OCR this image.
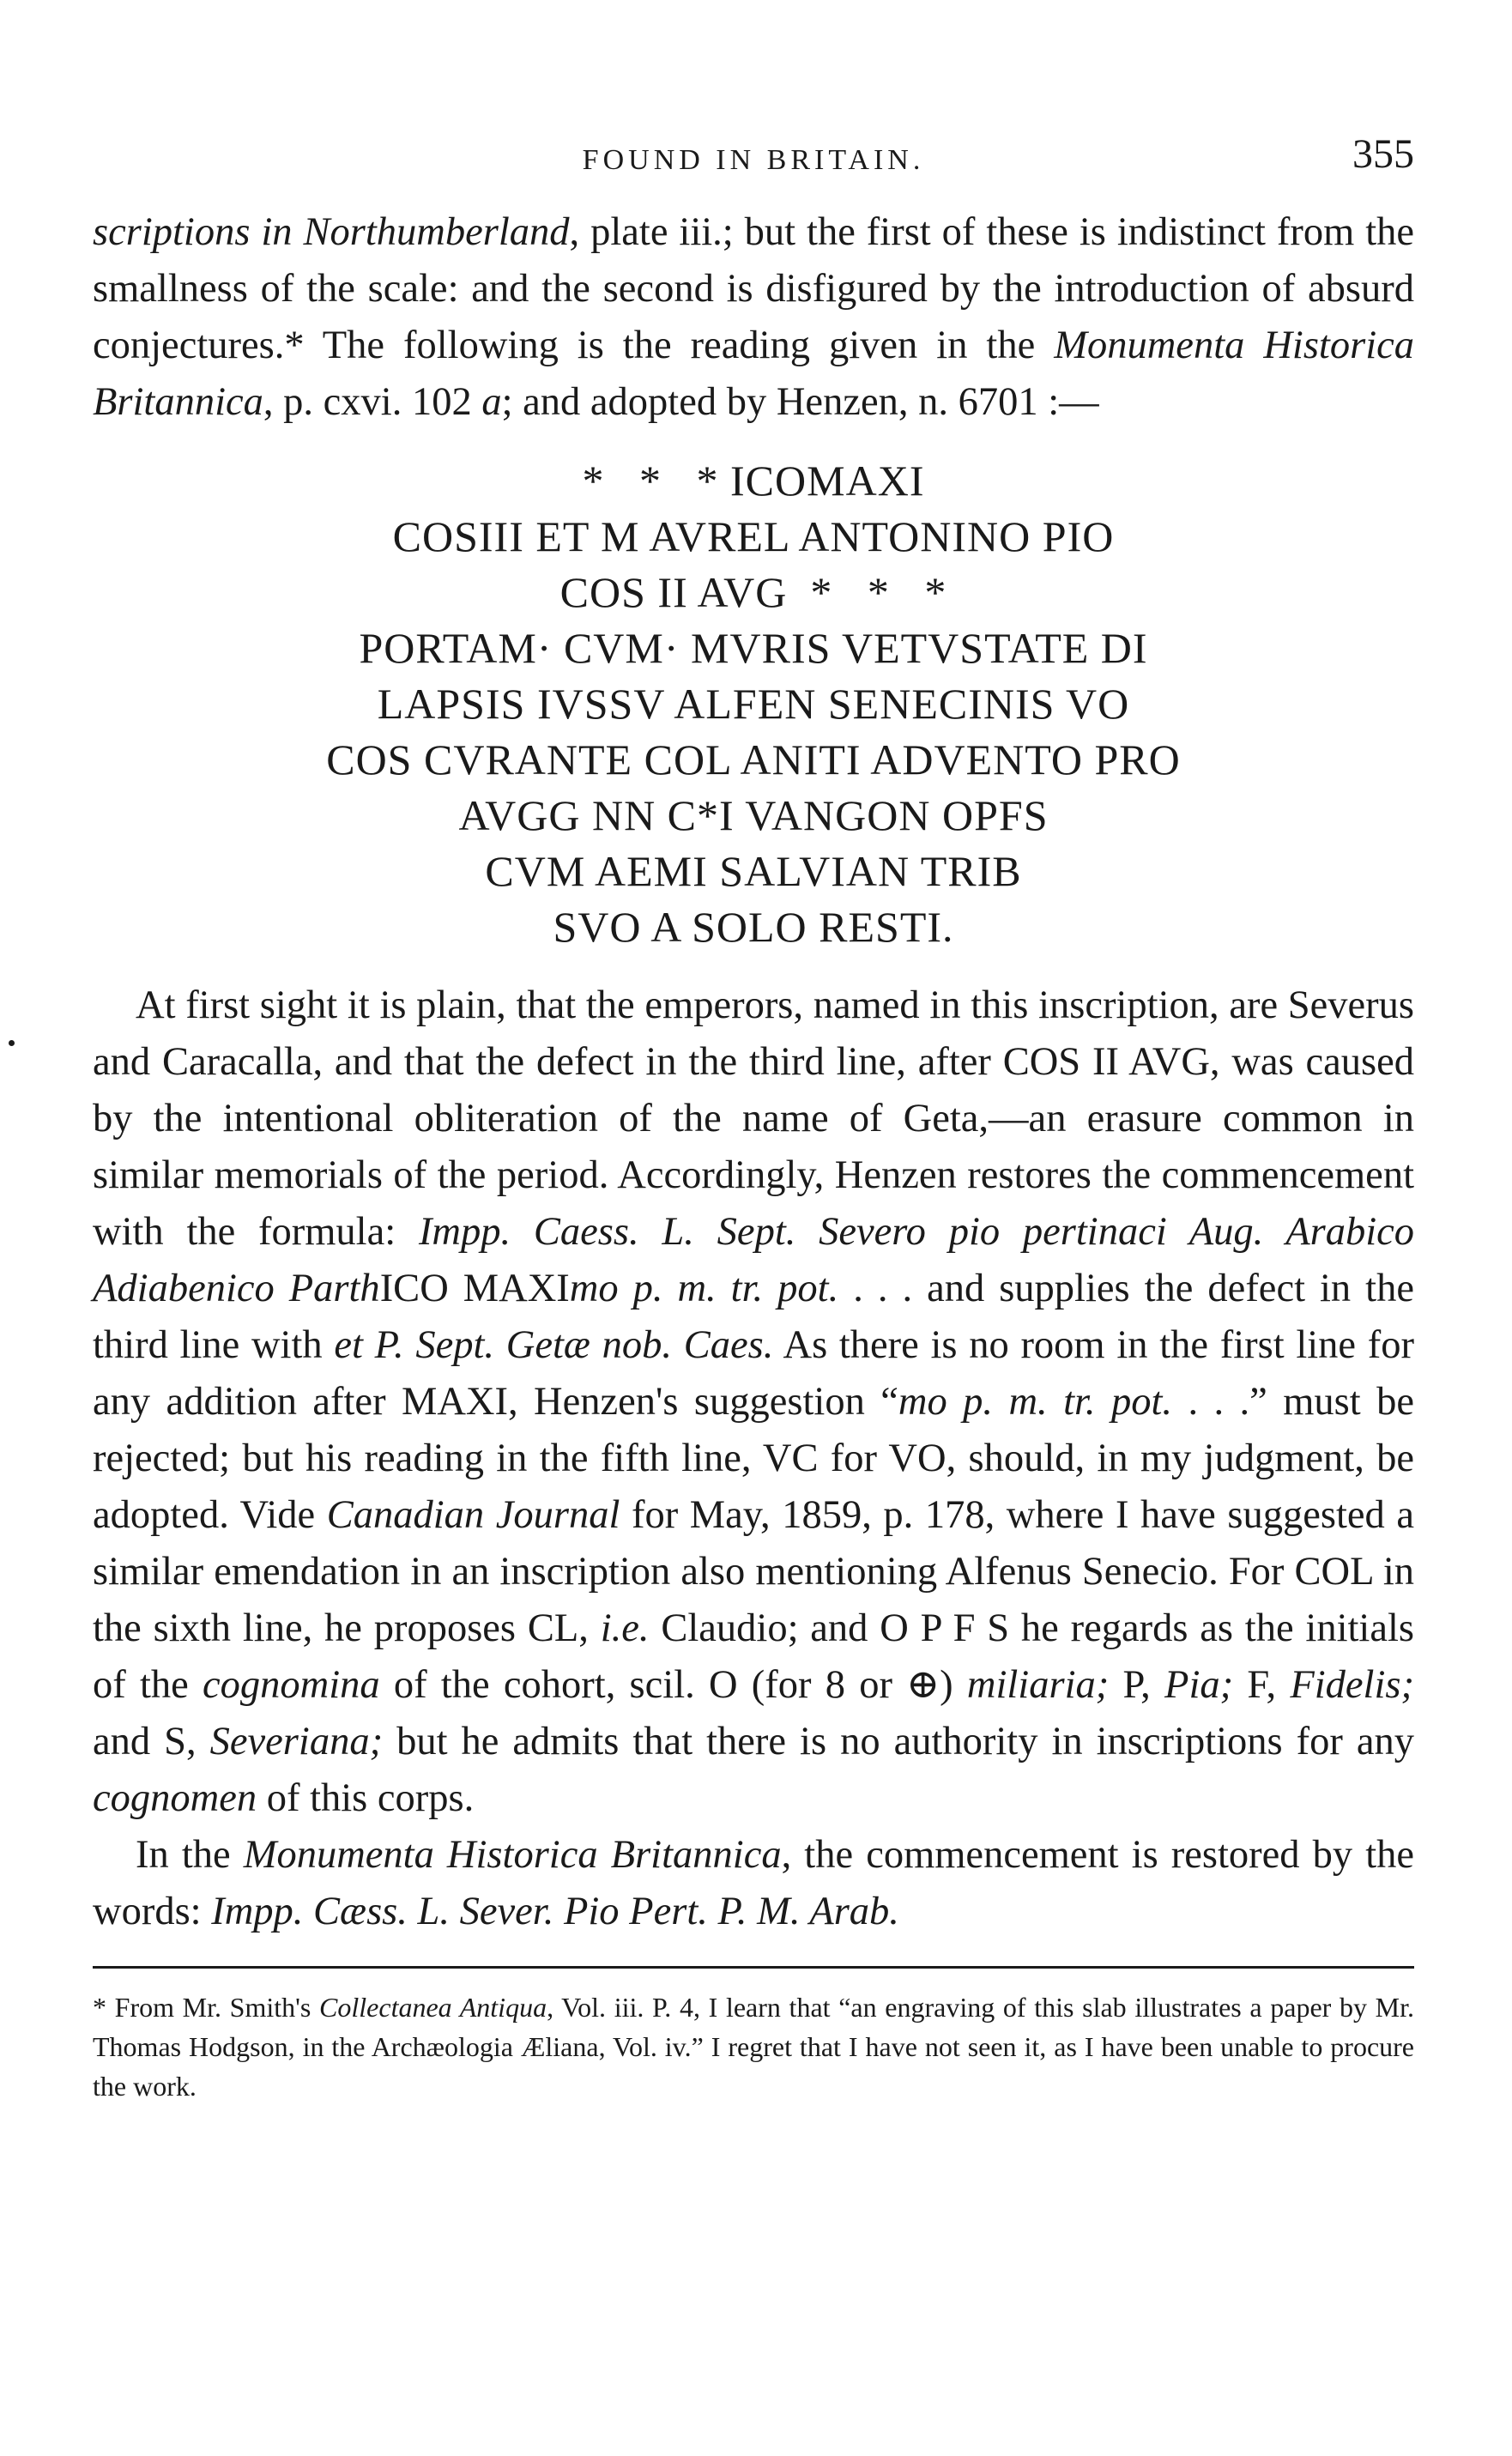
FOUND IN BRITAIN.	355

scriptions in Northumberland, plate iii.; but the first of these is indistinct from the smallness of the scale: and the second is disfigured by the introduction of absurd conjectures.* The following is the reading given in the Monumenta Historica Britannica, p. cxvi. 102 a; and adopted by Henzen, n. 6701 :—

*   *   * ICOMAXI
COSIII ET M AVREL ANTONINO PIO
COS II AVG  *   *   *
PORTAM· CVM· MVRIS VETVSTATE DI
LAPSIS IVSSV ALFEN SENECINIS VO
COS CVRANTE COL ANITI ADVENTO PRO
AVGG NN C*I VANGON OPFS
CVM AEMI SALVIAN TRIB
SVO A SOLO RESTI.

At first sight it is plain, that the emperors, named in this inscription, are Severus and Caracalla, and that the defect in the third line, after COS II AVG, was caused by the intentional obliteration of the name of Geta,—an erasure common in similar memorials of the period. Accordingly, Henzen restores the commencement with the formula: Impp. Caess. L. Sept. Severo pio pertinaci Aug. Arabico Adiabenico ParthICO MAXImo p. m. tr. pot. . . . and supplies the defect in the third line with et P. Sept. Getæ nob. Caes. As there is no room in the first line for any addition after MAXI, Henzen's suggestion “mo p. m. tr. pot. . . .” must be rejected; but his reading in the fifth line, VC for VO, should, in my judgment, be adopted. Vide Canadian Journal for May, 1859, p. 178, where I have suggested a similar emendation in an inscription also mentioning Alfenus Senecio. For COL in the sixth line, he proposes CL, i.e. Claudio; and O P F S he regards as the initials of the cognomina of the cohort, scil. O (for 8 or ⊕) miliaria; P, Pia; F, Fidelis; and S, Severiana; but he admits that there is no authority in inscriptions for any cognomen of this corps.

In the Monumenta Historica Britannica, the commencement is restored by the words: Impp. Cæss. L. Sever. Pio Pert. P. M. Arab.

* From Mr. Smith's Collectanea Antiqua, Vol. iii. P. 4, I learn that “an engraving of this slab illustrates a paper by Mr. Thomas Hodgson, in the Archæologia Æliana, Vol. iv.” I regret that I have not seen it, as I have been unable to procure the work.
